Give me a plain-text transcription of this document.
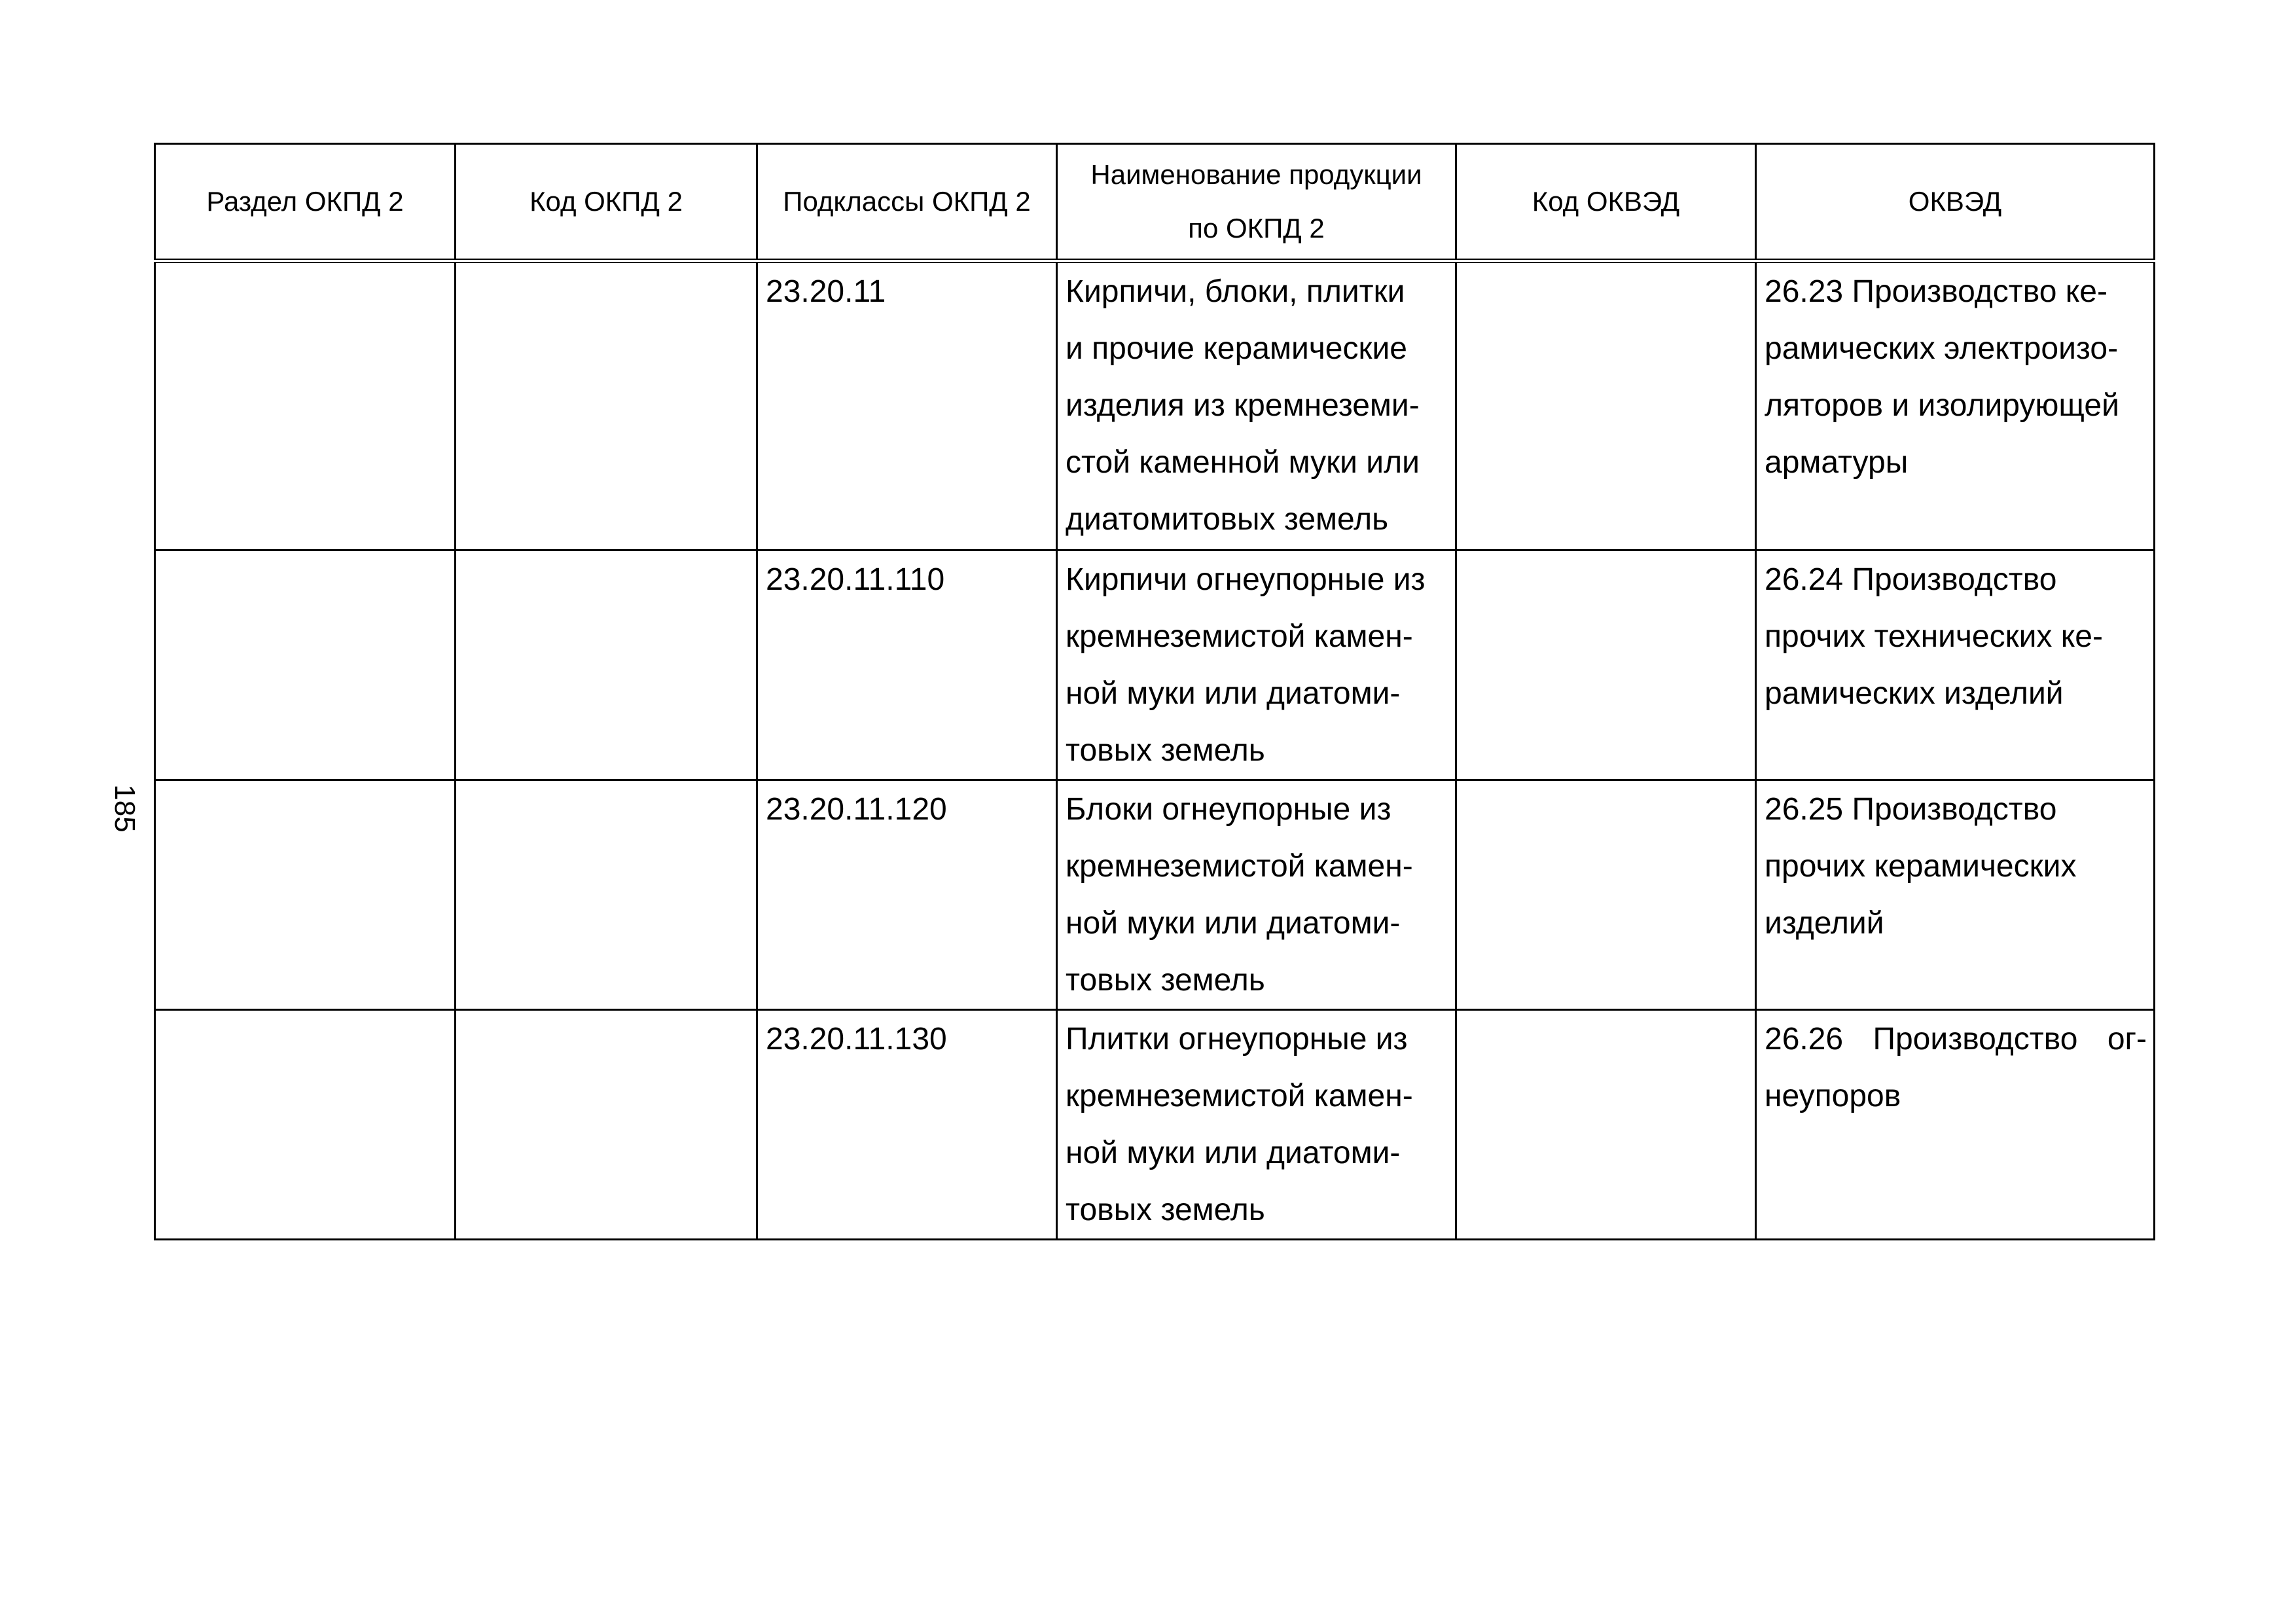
185
Раздел ОКПД 2	Код ОКПД 2	Подклассы ОКПД 2	Наименование продукции
по ОКПД 2	Код ОКВЭД	ОКВЭД

		23.20.11	Кирпичи, блоки, плитки
и прочие керамические
изделия из кремнеземи-
стой каменной муки или
диатомитовых земель		26.23 Производство ке-
рамических электроизо-
ляторов и изолирующей
арматуры

		23.20.11.110	Кирпичи огнеупорные из
кремнеземистой камен-
ной муки или диатоми-
товых земель		26.24 Производство
прочих технических ке-
рамических изделий

		23.20.11.120	Блоки огнеупорные из
кремнеземистой камен-
ной муки или диатоми-
товых земель		26.25 Производство
прочих керамических
изделий

		23.20.11.130	Плитки огнеупорные из
кремнеземистой камен-
ной муки или диатоми-
товых земель		26.26 Производство ог-
неупоров
